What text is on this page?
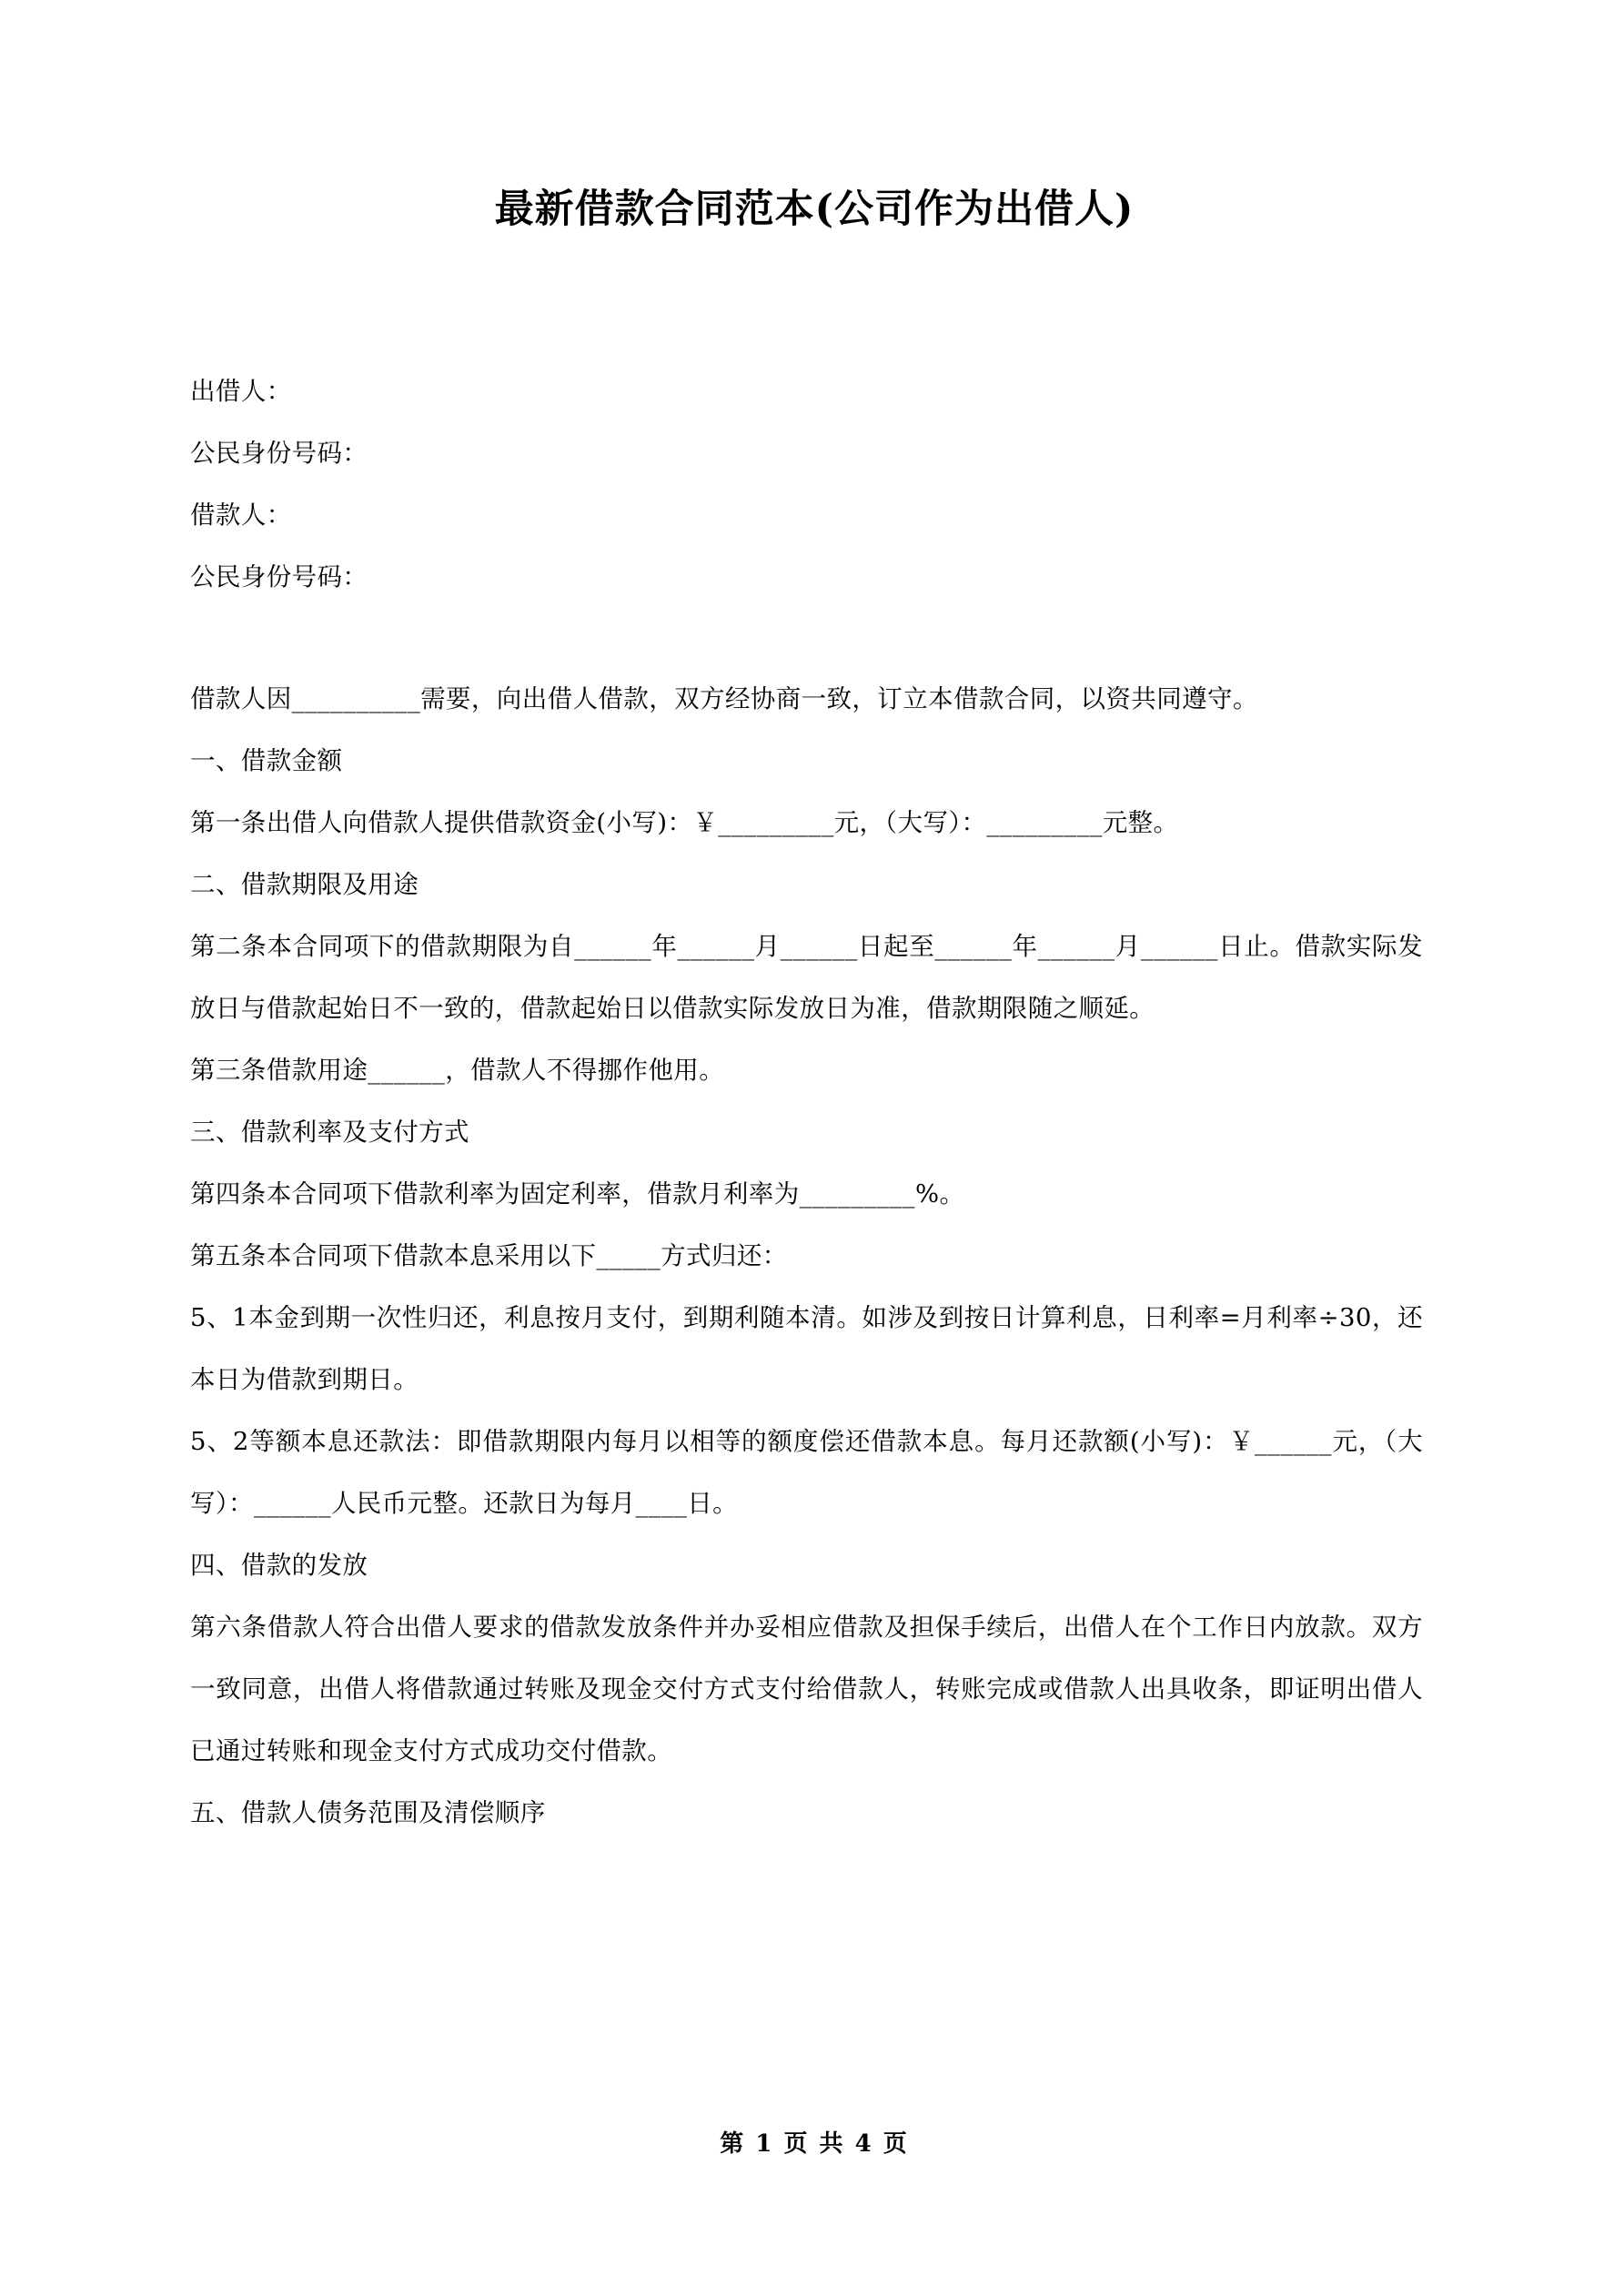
最新借款合同范本(公司作为出借人)
出借人：
公民身份号码：
借款人：
公民身份号码：
借款人因__________需要，向出借人借款，双方经协商一致，订立本借款合同，以资共同遵守。
一、借款金额
第一条出借人向借款人提供借款资金(小写)：￥_________元，（大写）：_________元整。
二、借款期限及用途
第二条本合同项下的借款期限为自______年______月______日起至______年______月______日止。借款实际发放日与借款起始日不一致的，借款起始日以借款实际发放日为准，借款期限随之顺延。
第三条借款用途______，借款人不得挪作他用。
三、借款利率及支付方式
第四条本合同项下借款利率为固定利率，借款月利率为_________%。
第五条本合同项下借款本息采用以下_____方式归还：
5、1本金到期一次性归还，利息按月支付，到期利随本清。如涉及到按日计算利息，日利率=月利率÷30，还本日为借款到期日。
5、2等额本息还款法：即借款期限内每月以相等的额度偿还借款本息。每月还款额(小写)：￥______元，（大写）：______人民币元整。还款日为每月____日。
四、借款的发放
第六条借款人符合出借人要求的借款发放条件并办妥相应借款及担保手续后，出借人在个工作日内放款。双方一致同意，出借人将借款通过转账及现金交付方式支付给借款人，转账完成或借款人出具收条，即证明出借人已通过转账和现金支付方式成功交付借款。
五、借款人债务范围及清偿顺序
第 1 页 共 4 页
